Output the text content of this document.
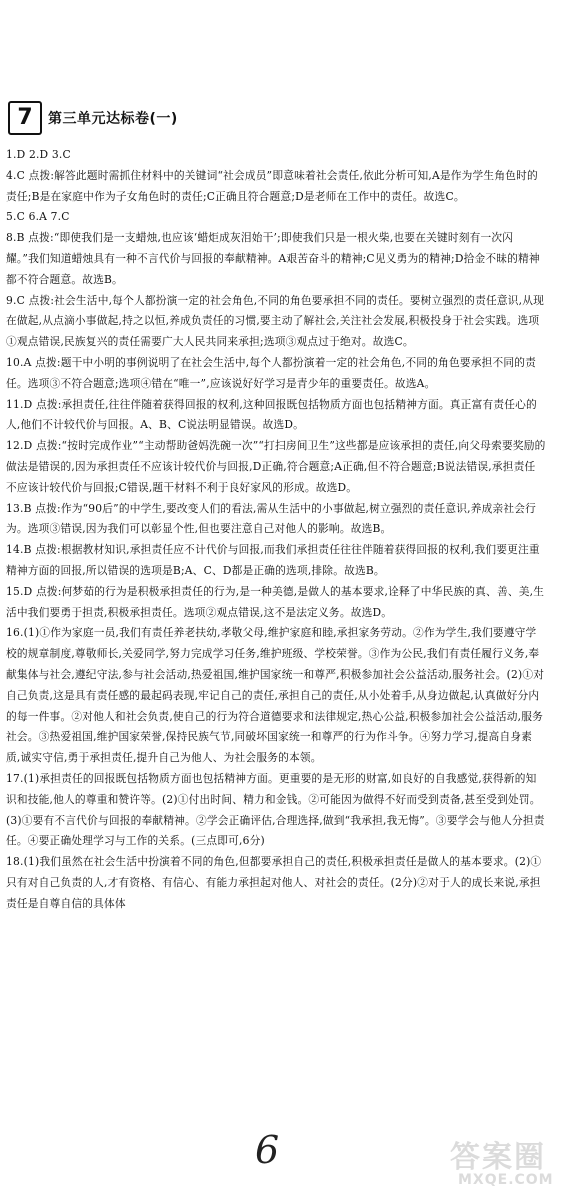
7	第三单元达标卷(一)

1.D 2.D 3.C

4.C 点拨:解答此题时需抓住材料中的关键词“社会成员”即意味着社会责任,依此分析可知,A是作为学生角色时的责任;B是在家庭中作为子女角色时的责任;C正确且符合题意;D是老师在工作中的责任。故选C。

5.C 6.A 7.C

8.B 点拨:“即使我们是一支蜡烛,也应该‘蜡炬成灰泪始干’;即使我们只是一根火柴,也要在关键时刻有一次闪耀。”我们知道蜡烛具有一种不言代价与回报的奉献精神。A艰苦奋斗的精神;C见义勇为的精神;D拾金不昧的精神都不符合题意。故选B。

9.C 点拨:社会生活中,每个人都扮演一定的社会角色,不同的角色要承担不同的责任。要树立强烈的责任意识,从现在做起,从点滴小事做起,持之以恒,养成负责任的习惯,要主动了解社会,关注社会发展,积极投身于社会实践。选项①观点错误,民族复兴的责任需要广大人民共同来承担;选项③观点过于绝对。故选C。

10.A 点拨:题干中小明的事例说明了在社会生活中,每个人都扮演着一定的社会角色,不同的角色要承担不同的责任。选项③不符合题意;选项④错在“唯一”,应该说好好学习是青少年的重要责任。故选A。

11.D 点拨:承担责任,往往伴随着获得回报的权利,这种回报既包括物质方面也包括精神方面。真正富有责任心的人,他们不计较代价与回报。A、B、C说法明显错误。故选D。

12.D 点拨:“按时完成作业”“主动帮助爸妈洗碗一次”“打扫房间卫生”这些都是应该承担的责任,向父母索要奖励的做法是错误的,因为承担责任不应该计较代价与回报,D正确,符合题意;A正确,但不符合题意;B说法错误,承担责任不应该计较代价与回报;C错误,题干材料不利于良好家风的形成。故选D。

13.B 点拨:作为“90后”的中学生,要改变人们的看法,需从生活中的小事做起,树立强烈的责任意识,养成亲社会行为。选项③错误,因为我们可以彰显个性,但也要注意自己对他人的影响。故选B。

14.B 点拨:根据教材知识,承担责任应不计代价与回报,而我们承担责任往往伴随着获得回报的权利,我们要更注重精神方面的回报,所以错误的选项是B;A、C、D都是正确的选项,排除。故选B。

15.D 点拨:何梦茹的行为是积极承担责任的行为,是一种美德,是做人的基本要求,诠释了中华民族的真、善、美,生活中我们要勇于担责,积极承担责任。选项②观点错误,这不是法定义务。故选D。

16.(1)①作为家庭一员,我们有责任养老扶幼,孝敬父母,维护家庭和睦,承担家务劳动。②作为学生,我们要遵守学校的规章制度,尊敬师长,关爱同学,努力完成学习任务,维护班级、学校荣誉。③作为公民,我们有责任履行义务,奉献集体与社会,遵纪守法,参与社会活动,热爱祖国,维护国家统一和尊严,积极参加社会公益活动,服务社会。(2)①对自己负责,这是具有责任感的最起码表现,牢记自己的责任,承担自己的责任,从小处着手,从身边做起,认真做好分内的每一件事。②对他人和社会负责,使自己的行为符合道德要求和法律规定,热心公益,积极参加社会公益活动,服务社会。③热爱祖国,维护国家荣誉,保持民族气节,同破坏国家统一和尊严的行为作斗争。④努力学习,提高自身素质,诚实守信,勇于承担责任,提升自己为他人、为社会服务的本领。

17.(1)承担责任的回报既包括物质方面也包括精神方面。更重要的是无形的财富,如良好的自我感觉,获得新的知识和技能,他人的尊重和赞许等。(2)①付出时间、精力和金钱。②可能因为做得不好而受到责备,甚至受到处罚。(3)①要有不言代价与回报的奉献精神。②学会正确评估,合理选择,做到“我承担,我无悔”。③要学会与他人分担责任。④要正确处理学习与工作的关系。(三点即可,6分)

18.(1)我们虽然在社会生活中扮演着不同的角色,但都要承担自己的责任,积极承担责任是做人的基本要求。(2)①只有对自己负责的人,才有资格、有信心、有能力承担起对他人、对社会的责任。(2分)②对于人的成长来说,承担责任是自尊自信的具体体

6	答案圈
MXQE.COM
